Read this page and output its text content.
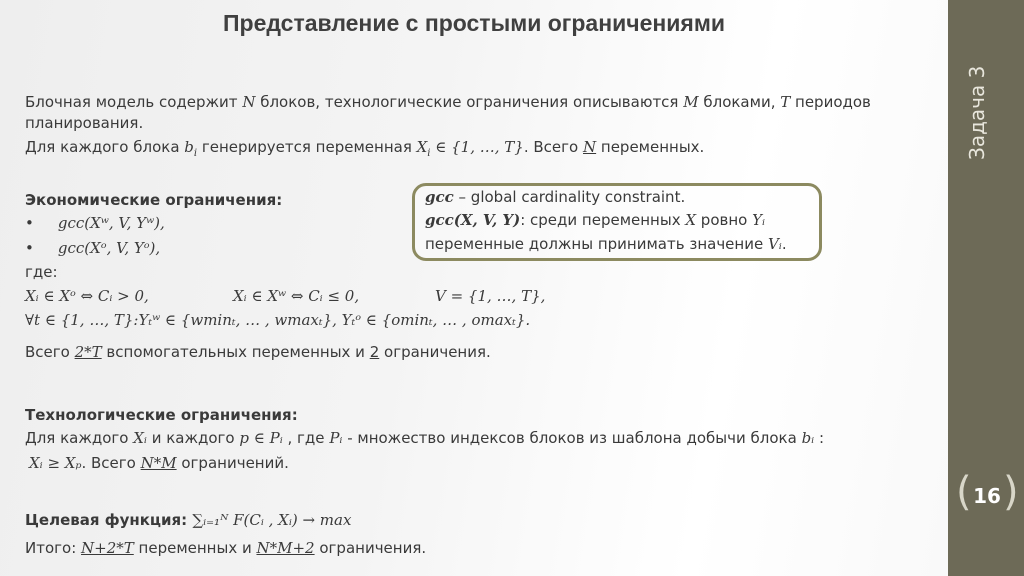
Представление с простыми ограничениями
Блочная модель содержит N блоков, технологические ограничения описываются M блоками, T периодов
планирования.
Для каждого блока $b_i$ генерируется переменная $X_i$ ∈ {1, …, T}. Всего N переменных.
Экономические ограничения:
• gcc(Xʷ, V, Yʷ),
• gcc(Xᵒ, V, Yᵒ),
где:
Xᵢ ∈ Xᵒ ⇔ Cᵢ > 0,	Xᵢ ∈ Xʷ ⇔ Cᵢ ≤ 0,	V = {1, …, T},
∀t ∈ {1, …, T}:Yₜʷ ∈ {wminₜ, … , wmaxₜ}, Yₜᵒ ∈ {ominₜ, … , omaxₜ}.
Всего 2*T вспомогательных переменных и 2 ограничения.
Технологические ограничения:
Для каждого Xᵢ и каждого p ∈ Pᵢ , где Pᵢ - множество индексов блоков из шаблона добычи блока bᵢ :
Xᵢ ≥ Xₚ. Всего N*M ограничений.
Целевая функция: ∑ᵢ₌₁ᴺ F(Cᵢ , Xᵢ) → max
Итого: N+2*T переменных и N*M+2 ограничения.
gcc – global cardinality constraint.
gcc(X, V, Y): среди переменных X ровно Yᵢ
переменные должны принимать значение Vᵢ.
Задача 3
( )
16
